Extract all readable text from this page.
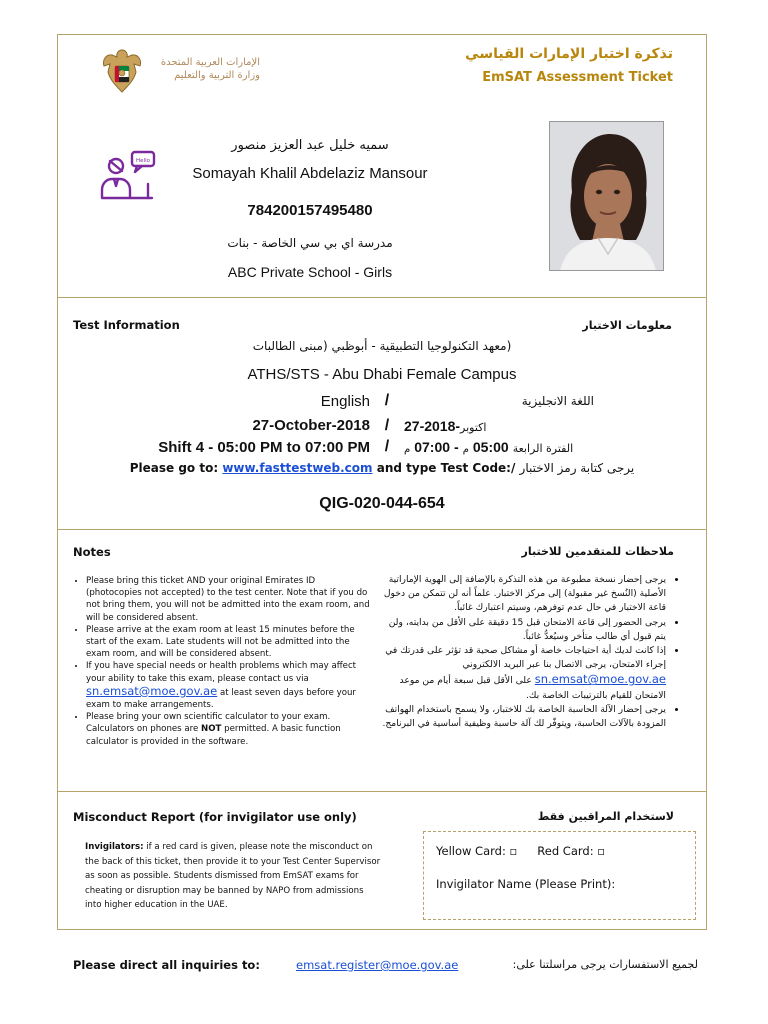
الإمارات العربية المتحدة
وزارة التربية والتعليم
تذكرة اختبار الإمارات القياسي
EmSAT Assessment Ticket
Hello
سميه خليل عبد العزيز منصور
Somayah Khalil Abdelaziz Mansour
784200157495480
مدرسة اي بي سي الخاصة - بنات
ABC Private School - Girls
Test Information	معلومات الاختبار
(معهد التكنولوجيا التطبيقية - أبوظبي (مبنى الطالبات
ATHS/STS - Abu Dhabi Female Campus
English /	اللغة الانجليزية
27-October-2018 /	27-2018-اكتوبر
Shift 4 - 05:00 PM to 07:00 PM /	م 07:00 - م 05:00 الفترة الرابعة
Please go to: www.fasttestweb.com and type Test Code:/ يرجى كتابة رمز الاختبار
QIG-020-044-654
Notes	ملاحظات للمتقدمين للاختبار
• Please bring this ticket AND your original Emirates ID (photocopies not accepted) to the test center. Note that if you do not bring them, you will not be admitted into the exam room, and will be considered absent.
• Please arrive at the exam room at least 15 minutes before the start of the exam. Late students will not be admitted into the exam room, and will be considered absent.
• If you have special needs or health problems which may affect your ability to take this exam, please contact us via sn.emsat@moe.gov.ae at least seven days before your exam to make arrangements.
• Please bring your own scientific calculator to your exam. Calculators on phones are NOT permitted. A basic function calculator is provided in the software.
• يرجى إحضار نسخة مطبوعة من هذه التذكرة بالإضافة إلى الهوية الإماراتية الأصلية (النُسخ غير مقبولة) إلى مركز الاختبار. علماً أنه لن تتمكن من دخول قاعة الاختبار في حال عدم توفرهم، وسيتم اعتبارك غائباً.
• يرجى الحضور إلى قاعة الامتحان قبل 15 دقيقة على الأقل من بدايته، ولن يتم قبول أي طالب متأخر وسيُعدُّ غائباً.
• إذا كانت لديك أية احتياجات خاصة أو مشاكل صحية قد تؤثر على قدرتك في إجراء الامتحان، يرجى الاتصال بنا عبر البريد الالكتروني sn.emsat@moe.gov.ae على الأقل قبل سبعة أيام من موعد الامتحان للقيام بالترتيبات الخاصة بك.
• يرجى إحضار الآلة الحاسبة الخاصة بك للاختبار، ولا يسمح باستخدام الهواتف المزودة بالآلات الحاسبة، ويتوفّر لك آلة حاسبة وظيفية أساسية في البرنامج.
Misconduct Report (for invigilator use only)	لاستخدام المراقبين فقط
Invigilators: if a red card is given, please note the misconduct on the back of this ticket, then provide it to your Test Center Supervisor as soon as possible. Students dismissed from EmSAT exams for cheating or disruption may be banned by NAPO from admissions into higher education in the UAE.
Yellow Card: ▫ Red Card: ▫
Invigilator Name (Please Print):
Please direct all inquiries to:	emsat.register@moe.gov.ae	لجميع الاستفسارات يرجى مراسلتنا على:
